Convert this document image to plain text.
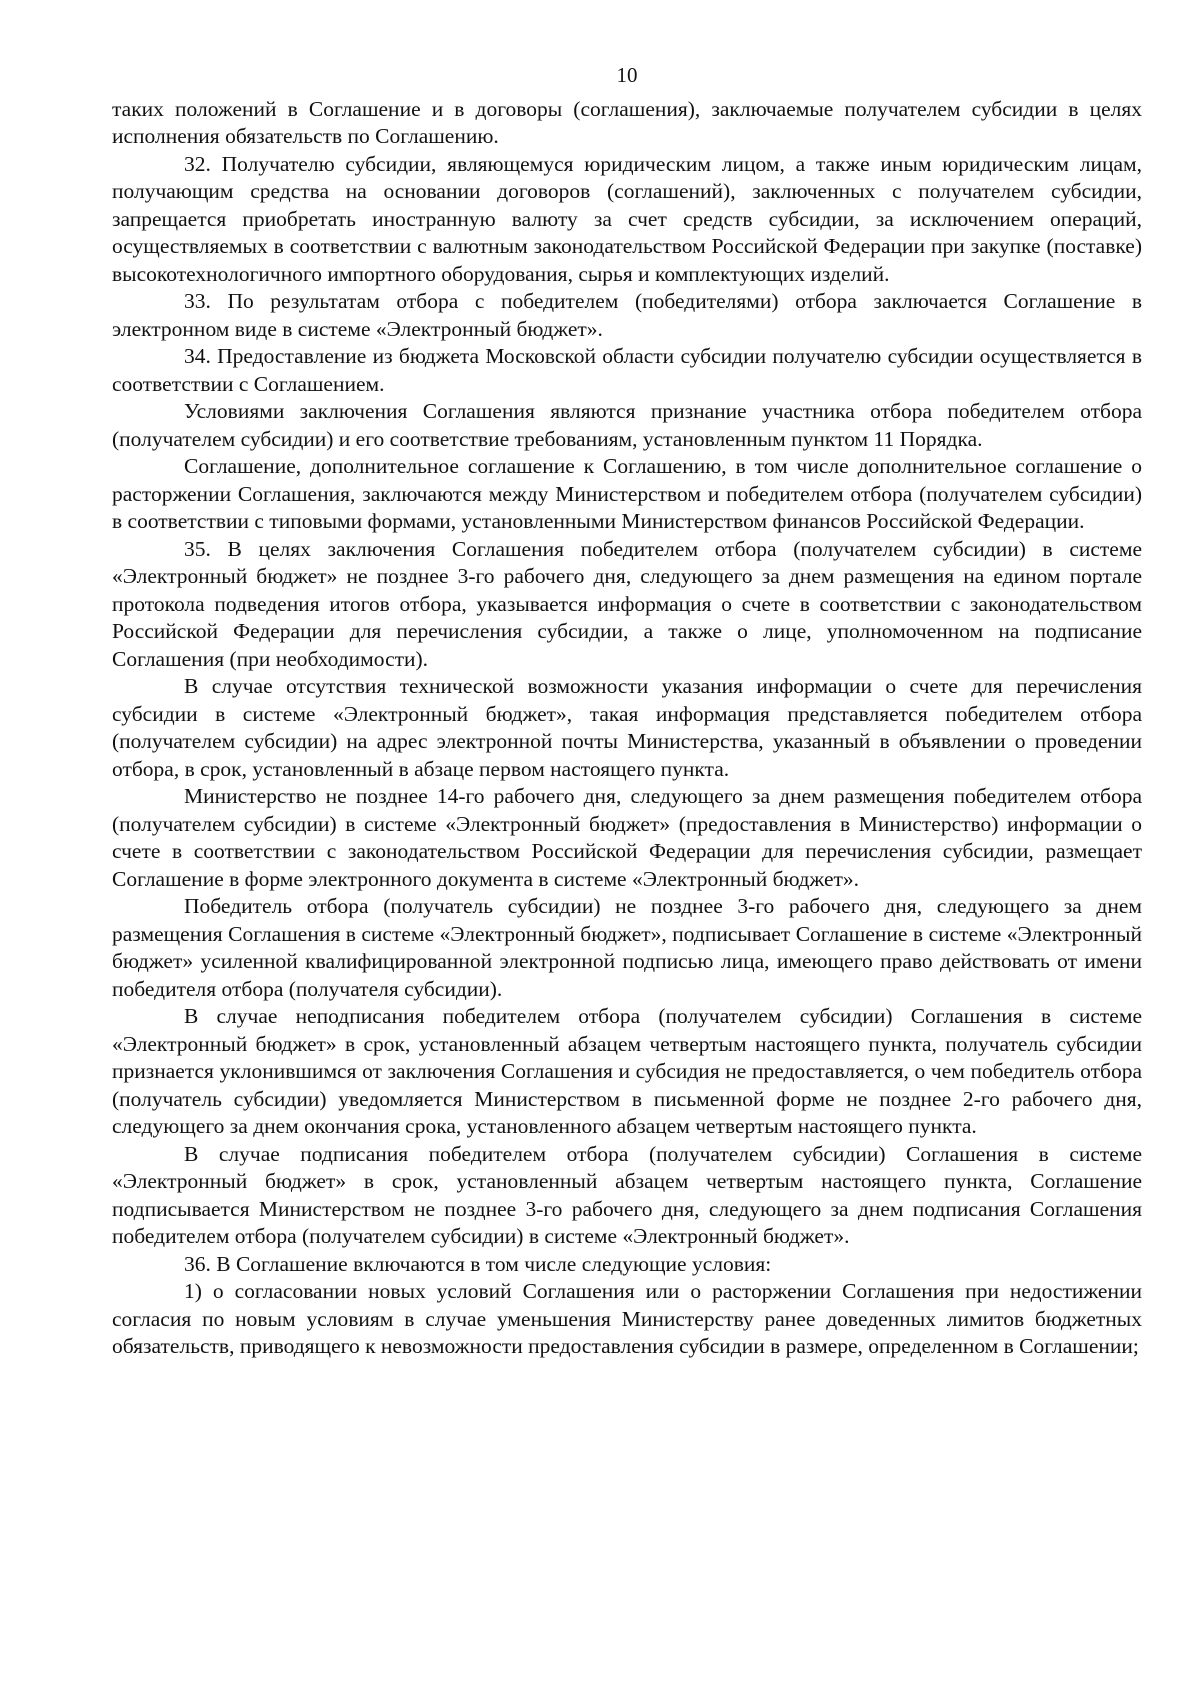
10

таких положений в Соглашение и в договоры (соглашения), заключаемые получателем субсидии в целях исполнения обязательств по Соглашению.

32. Получателю субсидии, являющемуся юридическим лицом, а также иным юридическим лицам, получающим средства на основании договоров (соглашений), заключенных с получателем субсидии, запрещается приобретать иностранную валюту за счет средств субсидии, за исключением операций, осуществляемых в соответствии с валютным законодательством Российской Федерации при закупке (поставке) высокотехнологичного импортного оборудования, сырья и комплектующих изделий.

33. По результатам отбора с победителем (победителями) отбора заключается Соглашение в электронном виде в системе «Электронный бюджет».

34. Предоставление из бюджета Московской области субсидии получателю субсидии осуществляется в соответствии с Соглашением.

Условиями заключения Соглашения являются признание участника отбора победителем отбора (получателем субсидии) и его соответствие требованиям, установленным пунктом 11 Порядка.

Соглашение, дополнительное соглашение к Соглашению, в том числе дополнительное соглашение о расторжении Соглашения, заключаются между Министерством и победителем отбора (получателем субсидии) в соответствии с типовыми формами, установленными Министерством финансов Российской Федерации.

35. В целях заключения Соглашения победителем отбора (получателем субсидии) в системе «Электронный бюджет» не позднее 3-го рабочего дня, следующего за днем размещения на едином портале протокола подведения итогов отбора, указывается информация о счете в соответствии с законодательством Российской Федерации для перечисления субсидии, а также о лице, уполномоченном на подписание Соглашения (при необходимости).

В случае отсутствия технической возможности указания информации о счете для перечисления субсидии в системе «Электронный бюджет», такая информация представляется победителем отбора (получателем субсидии) на адрес электронной почты Министерства, указанный в объявлении о проведении отбора, в срок, установленный в абзаце первом настоящего пункта.

Министерство не позднее 14-го рабочего дня, следующего за днем размещения победителем отбора (получателем субсидии) в системе «Электронный бюджет» (предоставления в Министерство) информации о счете в соответствии с законодательством Российской Федерации для перечисления субсидии, размещает Соглашение в форме электронного документа в системе «Электронный бюджет».

Победитель отбора (получатель субсидии) не позднее 3-го рабочего дня, следующего за днем размещения Соглашения в системе «Электронный бюджет», подписывает Соглашение в системе «Электронный бюджет» усиленной квалифицированной электронной подписью лица, имеющего право действовать от имени победителя отбора (получателя субсидии).

В случае неподписания победителем отбора (получателем субсидии) Соглашения в системе «Электронный бюджет» в срок, установленный абзацем четвертым настоящего пункта, получатель субсидии признается уклонившимся от заключения Соглашения и субсидия не предоставляется, о чем победитель отбора (получатель субсидии) уведомляется Министерством в письменной форме не позднее 2-го рабочего дня, следующего за днем окончания срока, установленного абзацем четвертым настоящего пункта.

В случае подписания победителем отбора (получателем субсидии) Соглашения в системе «Электронный бюджет» в срок, установленный абзацем четвертым настоящего пункта, Соглашение подписывается Министерством не позднее 3-го рабочего дня, следующего за днем подписания Соглашения победителем отбора (получателем субсидии) в системе «Электронный бюджет».

36. В Соглашение включаются в том числе следующие условия:

1) о согласовании новых условий Соглашения или о расторжении Соглашения при недостижении согласия по новым условиям в случае уменьшения Министерству ранее доведенных лимитов бюджетных обязательств, приводящего к невозможности предоставления субсидии в размере, определенном в Соглашении;
